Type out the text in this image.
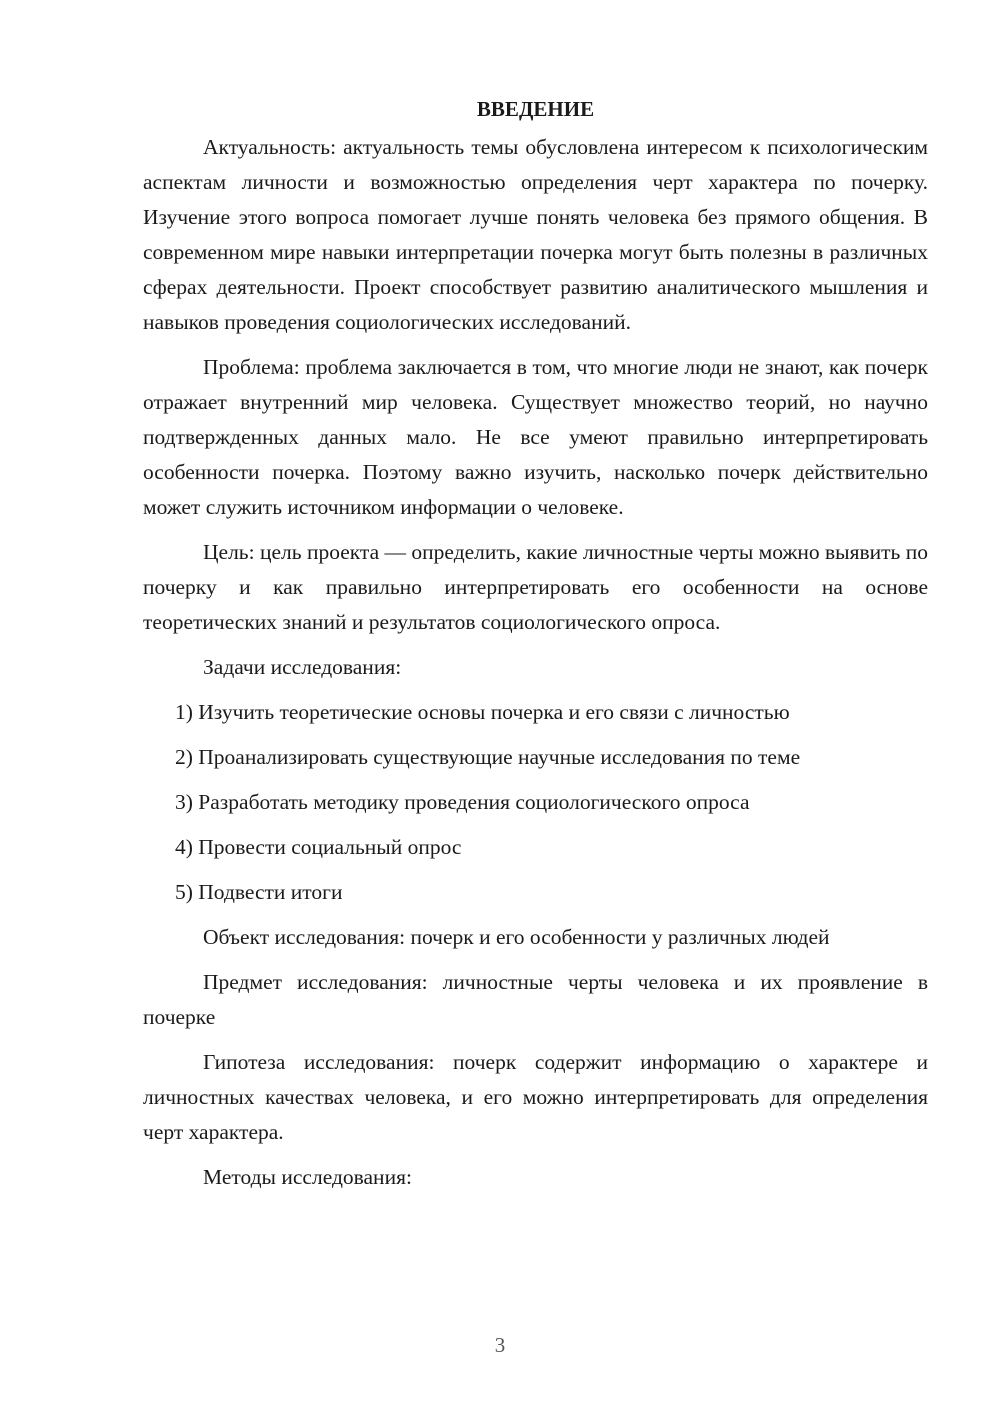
ВВЕДЕНИЕ

Актуальность: актуальность темы обусловлена интересом к психологическим аспектам личности и возможностью определения черт характера по почерку. Изучение этого вопроса помогает лучше понять человека без прямого общения. В современном мире навыки интерпретации почерка могут быть полезны в различных сферах деятельности. Проект способствует развитию аналитического мышления и навыков проведения социологических исследований.

Проблема: проблема заключается в том, что многие люди не знают, как почерк отражает внутренний мир человека. Существует множество теорий, но научно подтвержденных данных мало. Не все умеют правильно интерпретировать особенности почерка. Поэтому важно изучить, насколько почерк действительно может служить источником информации о человеке.

Цель: цель проекта — определить, какие личностные черты можно выявить по почерку и как правильно интерпретировать его особенности на основе теоретических знаний и результатов социологического опроса.

Задачи исследования:

1) Изучить теоретические основы почерка и его связи с личностью

2) Проанализировать существующие научные исследования по теме

3) Разработать методику проведения социологического опроса

4) Провести социальный опрос

5) Подвести итоги

Объект исследования: почерк и его особенности у различных людей

Предмет исследования: личностные черты человека и их проявление в почерке

Гипотеза исследования: почерк содержит информацию о характере и личностных качествах человека, и его можно интерпретировать для определения черт характера.

Методы исследования:

3
